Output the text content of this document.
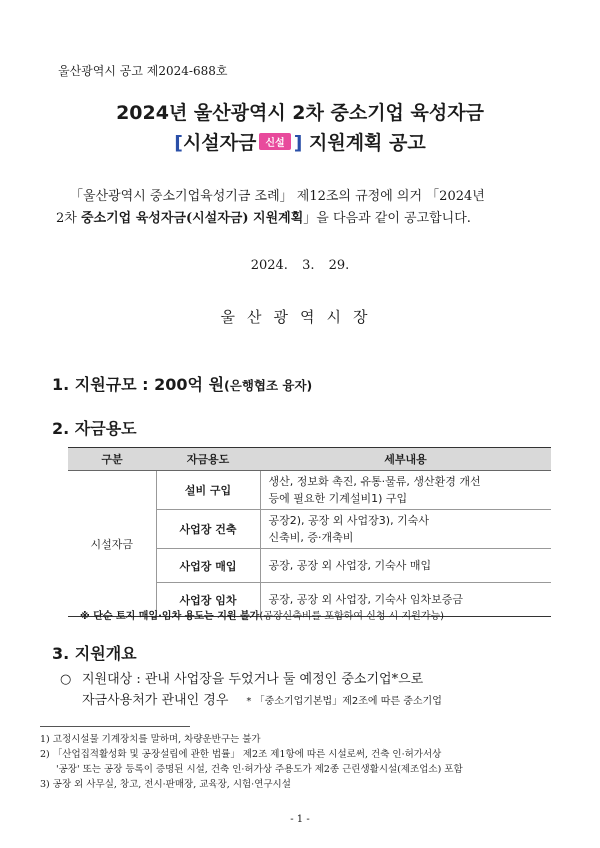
울산광역시 공고 제2024-688호
2024년 울산광역시 2차 중소기업 육성자금
[시설자금 신설 ] 지원계획 공고
「울산광역시 중소기업육성기금 조례」 제12조의 규정에 의거 「2024년
2차 중소기업 육성자금(시설자금) 지원계획」을 다음과 같이 공고합니다.
2024. 3. 29.
울산광역시장
1. 지원규모 : 200억 원(은행협조 융자)
2. 자금용도
구분	자금용도	세부내용
시설자금	설비 구입	생산, 정보화 촉진, 유통·물류, 생산환경 개선
등에 필요한 기계설비1) 구입

	사업장 건축	공장2), 공장 외 사업장3), 기숙사
신축비, 증·개축비

	사업장 매입	공장, 공장 외 사업장, 기숙사 매입
	사업장 임차	공장, 공장 외 사업장, 기숙사 임차보증금
※ 단순 토지 매입·임차 용도는 지원 불가(공장신축비를 포함하여 신청 시 지원가능)
3. 지원개요
○ 지원대상 : 관내 사업장을 두었거나 둘 예정인 중소기업*으로
자금사용처가 관내인 경우 * 「중소기업기본법」제2조에 따른 중소기업
1) 고정시설물 기계장치를 말하며, 차량운반구는 불가
2) 「산업집적활성화 및 공장설립에 관한 법률」 제2조 제1항에 따른 시설로써, 건축 인·허가서상
'공장' 또는 공장 등록이 증명된 시설, 건축 인·허가상 주용도가 제2종 근린생활시설(제조업소) 포함
3) 공장 외 사무실, 창고, 전시·판매장, 교육장, 시험·연구시설
- 1 -
